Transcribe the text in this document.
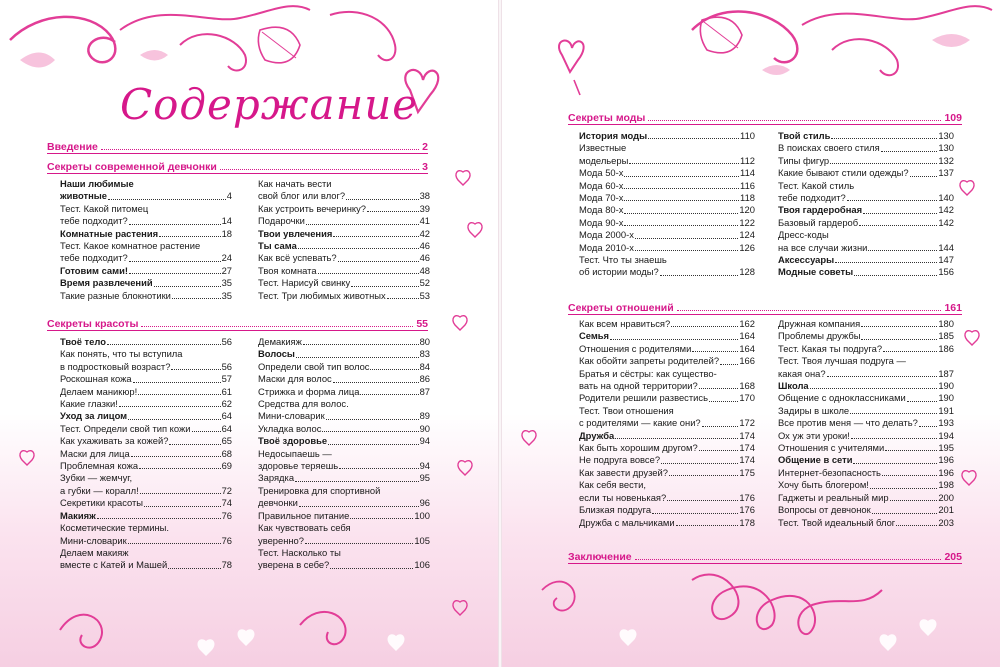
Содержание
Введение	2
Секреты современной девчонки	3
Наши любимые
животные	4
Тест. Какой питомец
тебе подходит?	14
Комнатные растения	18
Тест. Какое комнатное растение
тебе подходит?	24
Готовим сами!	27
Время развлечений	35
Такие разные блокнотики	35
Как начать вести
свой блог или влог?	38
Как устроить вечеринку?	39
Подарочки	41
Твои увлечения	42
Ты сама	46
Как всё успевать?	46
Твоя комната	48
Тест. Нарисуй свинку	52
Тест. Три любимых животных	53
Секреты красоты	55
Твоё тело	56
Как понять, что ты вступила
в подростковый возраст?	56
Роскошная кожа	57
Делаем маникюр!	61
Какие глазки!	62
Уход за лицом	64
Тест. Определи свой тип кожи	64
Как ухаживать за кожей?	65
Маски для лица	68
Проблемная кожа	69
Зубки — жемчуг,
а губки — коралл!	72
Секретики красоты	74
Макияж	76
Косметические термины.
Мини-словарик	76
Делаем макияж
вместе с Катей и Машей	78
Демакияж	80
Волосы	83
Определи свой тип волос	84
Маски для волос	86
Стрижка и форма лица	87
Средства для волос.
Мини-словарик	89
Укладка волос	90
Твоё здоровье	94
Недосыпаешь —
здоровье теряешь	94
Зарядка	95
Тренировка для спортивной
девчонки	96
Правильное питание	100
Как чувствовать себя
уверенно?	105
Тест. Насколько ты
уверена в себе?	106
Секреты моды	109
История моды	110
Известные
модельеры	112
Мода 50-х	114
Мода 60-х	116
Мода 70-х	118
Мода 80-х	120
Мода 90-х	122
Мода 2000-х	124
Мода 2010-х	126
Тест. Что ты знаешь
об истории моды?	128
Твой стиль	130
В поисках своего стиля	130
Типы фигур	132
Какие бывают стили одежды?	137
Тест. Какой стиль
тебе подходит?	140
Твоя гардеробная	142
Базовый гардероб	142
Дресс-коды
на все случаи жизни	144
Аксессуары	147
Модные советы	156
Секреты отношений	161
Как всем нравиться?	162
Семья	164
Отношения с родителями	164
Как обойти запреты родителей? 166
Братья и сёстры: как существо-
вать на одной территории?	168
Родители решили развестись	170
Тест. Твои отношения
с родителями — какие они?	172
Дружба	174
Как быть хорошим другом?	174
Не подруга вовсе?	174
Как завести друзей?	175
Как себя вести,
если ты новенькая?	176
Близкая подруга	176
Дружба с мальчиками	178
Дружная компания	180
Проблемы дружбы	185
Тест. Какая ты подруга?	186
Тест. Твоя лучшая подруга —
какая она?	187
Школа	190
Общение с одноклассниками	190
Задиры в школе	191
Все против меня — что делать? 193
Ох уж эти уроки!	194
Отношения с учителями	195
Общение в сети	196
Интернет-безопасность	196
Хочу быть блогером!	198
Гаджеты и реальный мир	200
Вопросы от девчонок	201
Тест. Твой идеальный блог	203
Заключение	205
